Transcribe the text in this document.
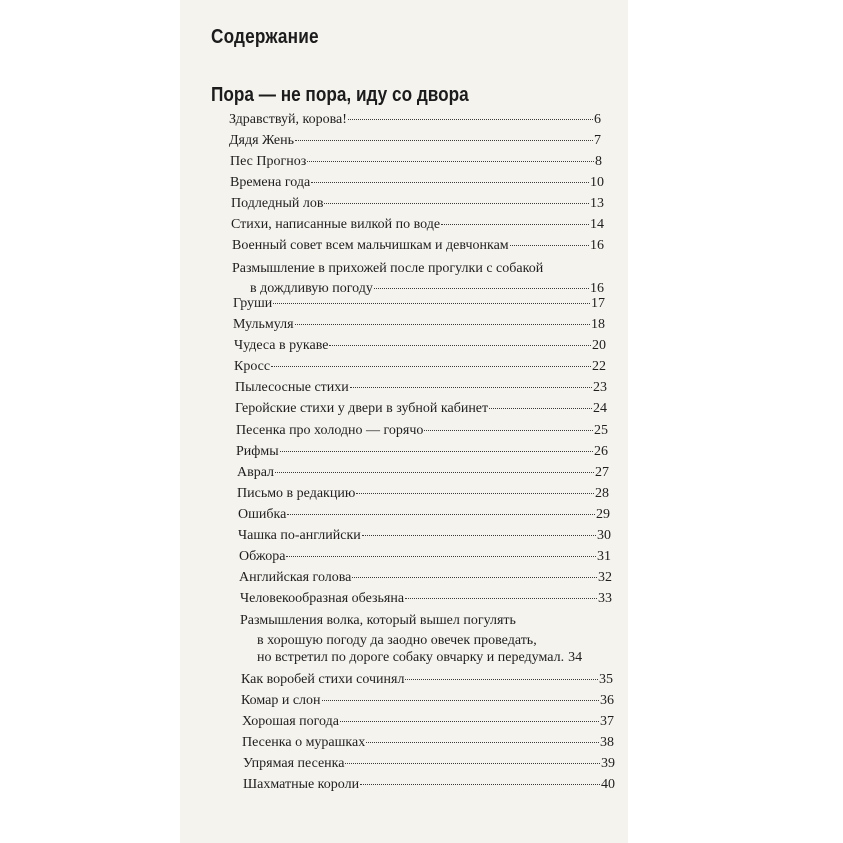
Содержание
Пора — не пора, иду со двора
Здравствуй, корова!	6
Дядя Жень	7
Пес Прогноз	8
Времена года	10
Подледный лов	13
Стихи, написанные вилкой по воде	14
Военный совет всем мальчишкам и девчонкам	16
Размышление в прихожей после прогулки с собакой
в дождливую погоду	16
Груши	17
Мульмуля	18
Чудеса в рукаве	20
Кросс	22
Пылесосные стихи	23
Геройские стихи у двери в зубной кабинет	24
Песенка про холодно — горячо	25
Рифмы	26
Аврал	27
Письмо в редакцию	28
Ошибка	29
Чашка по-английски	30
Обжора	31
Английская голова	32
Человекообразная обезьяна	33
Размышления волка, который вышел погулять
в хорошую погоду да заодно овечек проведать,
но встретил по дороге собаку овчарку и передумал. 34
Как воробей стихи сочинял	35
Комар и слон	36
Хорошая погода	37
Песенка о мурашках	38
Упрямая песенка	39
Шахматные короли	40
